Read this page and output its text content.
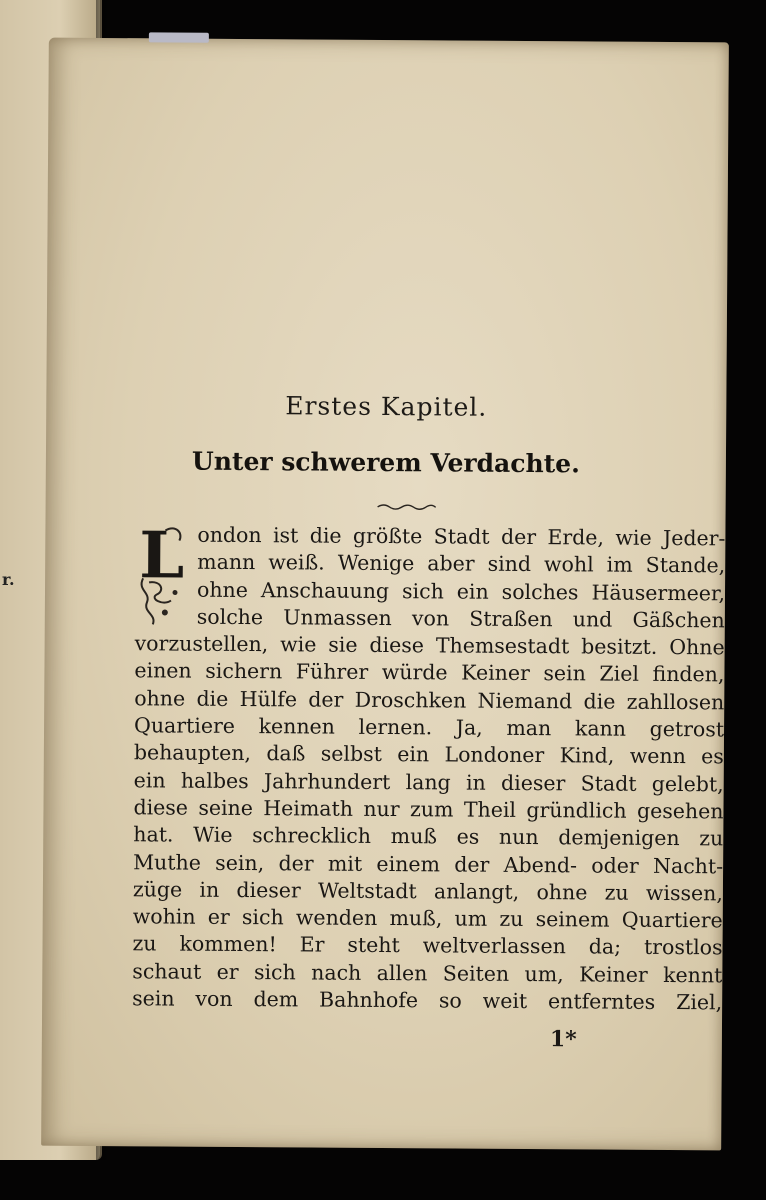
r.
Erstes Kapitel.
Unter schwerem Verdachte.
L ondon ist die größte Stadt der Erde, wie Jeder-
mann weiß. Wenige aber sind wohl im Stande,
ohne Anschauung sich ein solches Häusermeer,
solche Unmassen von Straßen und Gäßchen
vorzustellen, wie sie diese Themsestadt besitzt. Ohne
einen sichern Führer würde Keiner sein Ziel finden,
ohne die Hülfe der Droschken Niemand die zahllosen
Quartiere kennen lernen. Ja, man kann getrost
behaupten, daß selbst ein Londoner Kind, wenn es
ein halbes Jahrhundert lang in dieser Stadt gelebt,
diese seine Heimath nur zum Theil gründlich gesehen
hat. Wie schrecklich muß es nun demjenigen zu
Muthe sein, der mit einem der Abend- oder Nacht-
züge in dieser Weltstadt anlangt, ohne zu wissen,
wohin er sich wenden muß, um zu seinem Quartiere
zu kommen! Er steht weltverlassen da; trostlos
schaut er sich nach allen Seiten um, Keiner kennt
sein von dem Bahnhofe so weit entferntes Ziel,
1*
